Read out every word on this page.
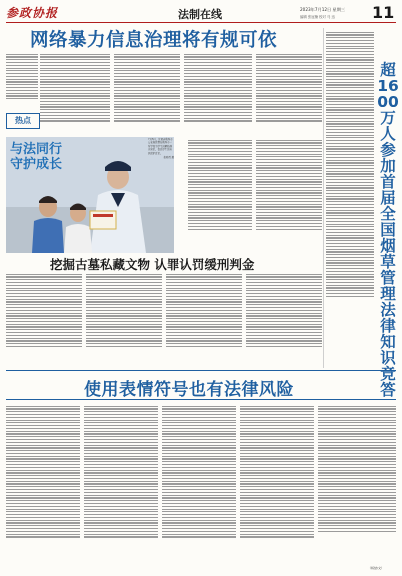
参政协报	法制在线	2023年7月12日 星期三
编辑 张冠楠 校对 马 迅 11
网络暴力信息治理将有规可依
热点
与法同行 守护成长
7月5日，甘肃省敦煌市公安局民警在敦煌市一所学校为学生讲解防溺水知识，提高学生的自我保护意识。
张晓亮 摄
超1600万人参加首届全国烟草管理法律知识竞答
挖掘古墓私藏文物 认罪认罚缓刑判金
使用表情符号也有法律风险
（杨喆/文）
